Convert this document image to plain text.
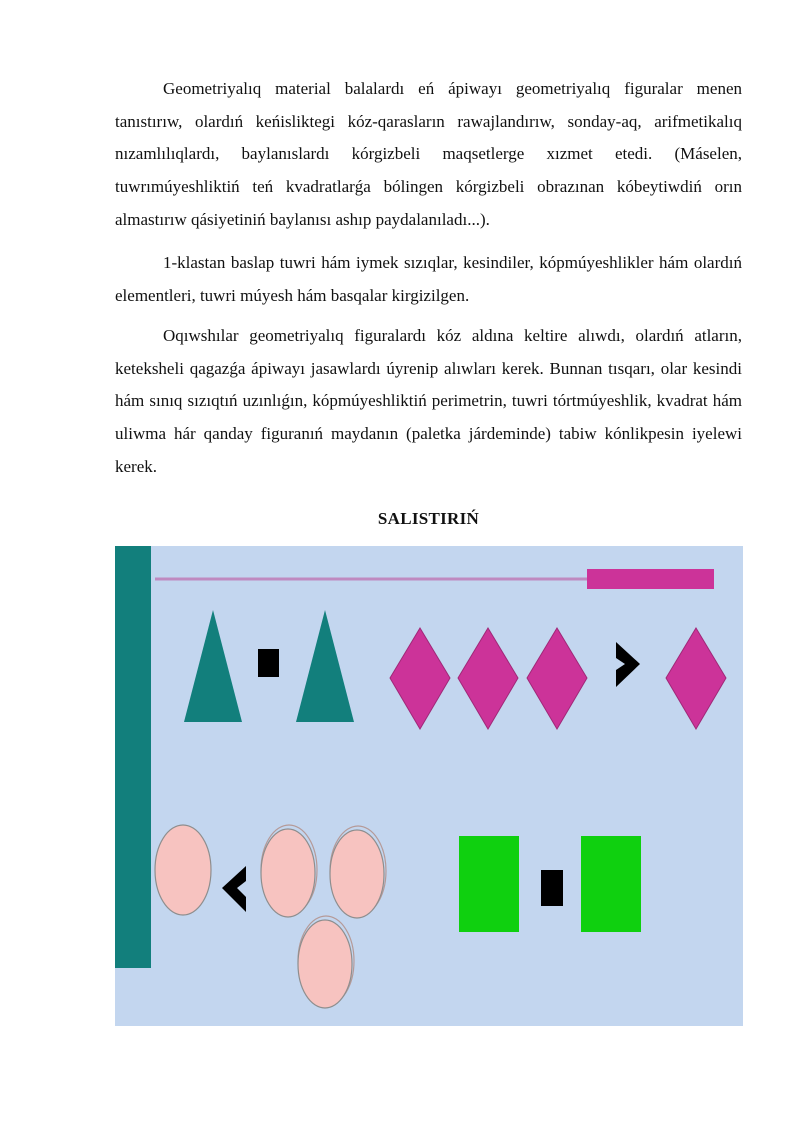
Geometriyalıq material balalardı eń ápiwayı geometriyalıq figuralar menen tanıstırıw, olardıń keńisliktegi kóz-qarasların rawajlandırıw, sonday-aq, arifmetikalıq nızamlılıqlardı, baylanıslardı kórgizbeli maqsetlerge xızmet etedi. (Máselen, tuwrımúyeshliktiń teń kvadratlarǵa bólingen kórgizbeli obrazınan kóbeytiwdiń orın almastırıw qásiyetiniń baylanısı ashıp paydalanıladı...).

1-klastan baslap tuwri hám iymek sızıqlar, kesindiler, kópmúyeshlikler hám olardıń elementleri, tuwri múyesh hám basqalar kirgizilgen.

Oqıwshılar geometriyalıq figuralardı kóz aldına keltire alıwdı, olardıń atların, keteksheli qagazǵa ápiwayı jasawlardı úyrenip alıwları kerek. Bunnan tısqarı, olar kesindi hám sınıq sızıqtıń uzınlıǵın, kópmúyeshliktiń perimetrin, tuwri tórtmúyeshlik, kvadrat hám uliwma hár qanday figuranıń maydanın (paletka járdeminde) tabiw kónlikpesin iyelewi kerek.

SALISTIRIŃ
